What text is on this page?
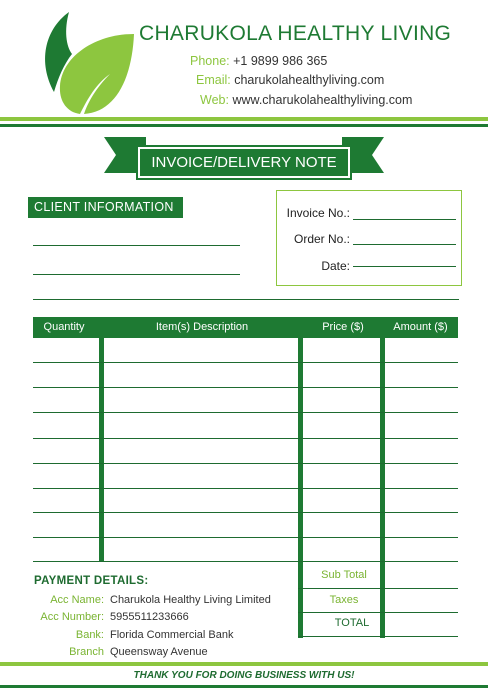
CHARUKOLA HEALTHY LIVING
Phone: +1 9899 986 365
Email: charukolahealthyliving.com
Web: www.charukolahealthyliving.com
INVOICE/DELIVERY NOTE
CLIENT INFORMATION	Invoice No.:
Order No.:
Date:
Quantity	Item(s) Description	Price ($)	Amount ($)
Sub Total
Taxes
TOTAL
PAYMENT DETAILS:
Acc Name: Charukola Healthy Living Limited
Acc Number: 5955511233666
Bank: Florida Commercial Bank
Branch Queensway Avenue
THANK YOU FOR DOING BUSINESS WITH US!
